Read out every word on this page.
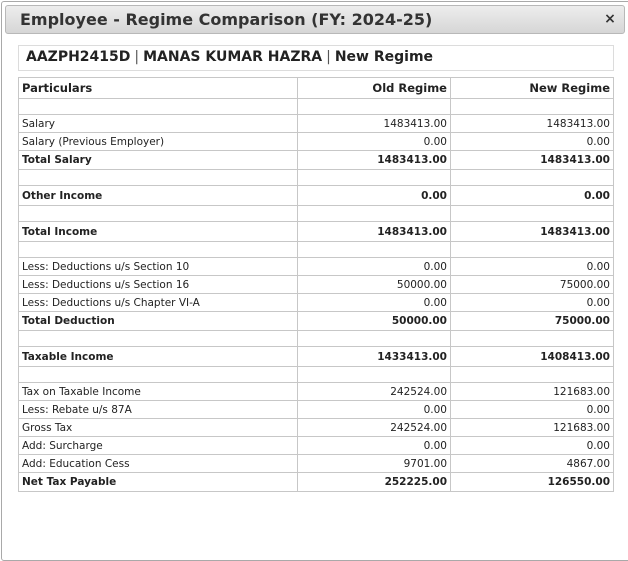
Employee - Regime Comparison (FY: 2024-25)	×
AAZPH2415D | MANAS KUMAR HAZRA | New Regime
Particulars	Old Regime	New Regime

Salary	1483413.00	1483413.00
Salary (Previous Employer)	0.00	0.00
Total Salary	1483413.00	1483413.00

Other Income	0.00	0.00

Total Income	1483413.00	1483413.00

Less: Deductions u/s Section 10	0.00	0.00
Less: Deductions u/s Section 16	50000.00	75000.00
Less: Deductions u/s Chapter VI-A	0.00	0.00
Total Deduction	50000.00	75000.00

Taxable Income	1433413.00	1408413.00

Tax on Taxable Income	242524.00	121683.00
Less: Rebate u/s 87A	0.00	0.00
Gross Tax	242524.00	121683.00
Add: Surcharge	0.00	0.00
Add: Education Cess	9701.00	4867.00
Net Tax Payable	252225.00	126550.00
